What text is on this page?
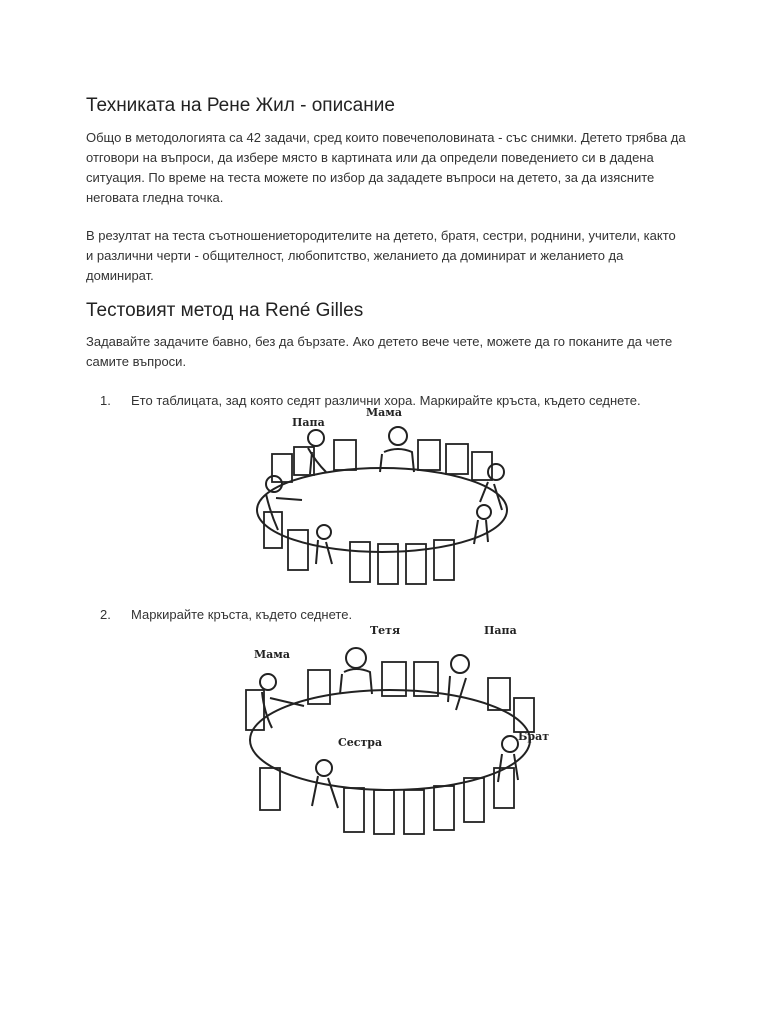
Техниката на Рене Жил - описание

Общо в методологията са 42 задачи, сред които повечеполовината - със снимки. Детето трябва да отговори на въпроси, да избере място в картината или да определи поведението си в дадена ситуация. По време на теста можете по избор да зададете въпроси на детето, за да изясните неговата гледна точка.

В резултат на теста съотношениетородителите на детето, братя, сестри, роднини, учители, както и различни черти - общителност, любопитство, желанието да доминират и желанието да доминират.

Тестовият метод на René Gilles

Задавайте задачите бавно, без да бързате. Ако детето вече чете, можете да го поканите да чете самите въпроси.

1. Ето таблицата, зад която седят различни хора. Маркирайте кръста, където седнете.
Папа
Мама
2. Маркирайте кръста, където седнете.
Мама
Тетя	Папа
Сестра	Брат
